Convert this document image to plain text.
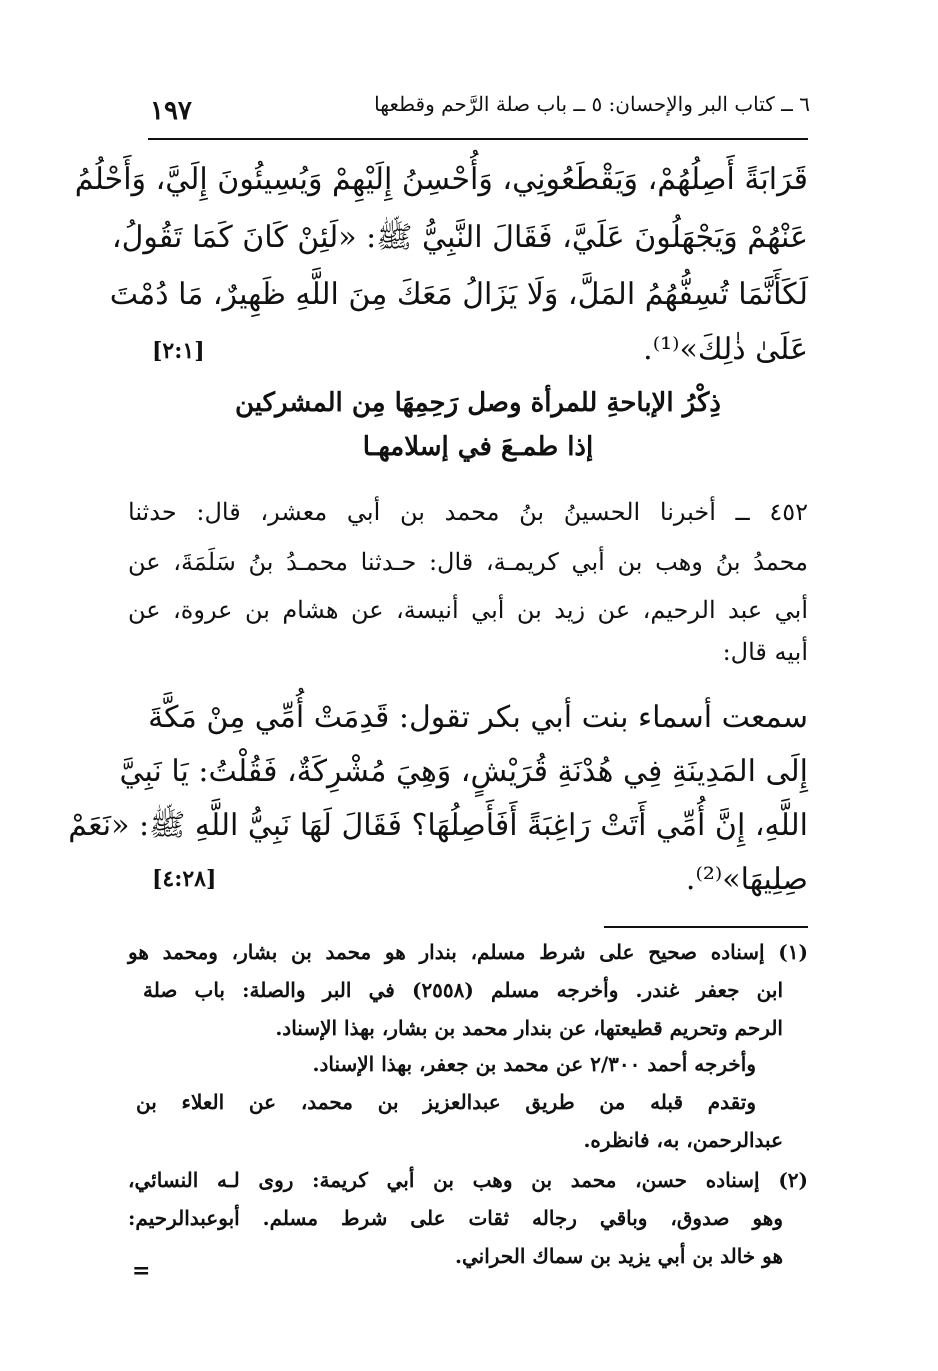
٦ ــ كتاب البر والإحسان: ٥ ــ باب صلة الرَّحم وقطعها
١٩٧
قَرَابَةً أَصِلُهُمْ، وَيَقْطَعُونِي، وَأُحْسِنُ إِلَيْهِمْ وَيُسِيئُونَ إِلَيَّ، وَأَحْلُمُ
عَنْهُمْ وَيَجْهَلُونَ عَلَيَّ، فَقَالَ النَّبِيُّ ﷺ: «لَئِنْ كَانَ كَمَا تَقُولُ،
لَكَأَنَّمَا تُسِفُّهُمُ المَلَّ، وَلَا يَزَالُ مَعَكَ مِنَ اللَّهِ ظَهِيرٌ، مَا دُمْتَ
عَلَىٰ ذٰلِكَ»⁽¹⁾.
[٢:١]
ذِكْرُ الإباحةِ للمرأة وصل رَحِمِهَا مِن المشركين
إذا طمـعَ في إسلامهـا
٤٥٢ ــ أخبرنا الحسينُ بنُ محمد بن أبي معشر، قال: حدثنا
محمدُ بنُ وهب بن أبي كريمـة، قال: حـدثنا محمـدُ بنُ سَلَمَةَ، عن
أبي عبد الرحيم، عن زيد بن أبي أنيسة، عن هشام بن عروة، عن
أبيه قال:
سمعت أسماء بنت أبي بكر تقول: قَدِمَتْ أُمِّي مِنْ مَكَّةَ
إِلَى المَدِينَةِ فِي هُدْنَةِ قُرَيْشٍ، وَهِيَ مُشْرِكَةٌ، فَقُلْتُ: يَا نَبِيَّ
اللَّهِ، إِنَّ أُمِّي أَتَتْ رَاغِبَةً أَفَأَصِلُهَا؟ فَقَالَ لَهَا نَبِيُّ اللَّهِ ﷺ: «نَعَمْ
صِلِيهَا»⁽²⁾.
[٤:٢٨]
(١) إسناده صحيح على شرط مسلم، بندار هو محمد بن بشار، ومحمد هو
ابن جعفر غندر. وأخرجه مسلم (٢٥٥٨) في البر والصلة: باب صلة
الرحم وتحريم قطيعتها، عن بندار محمد بن بشار، بهذا الإسناد.
وأخرجه أحمد ٢/٣٠٠ عن محمد بن جعفر، بهذا الإسناد.
وتقدم قبله من طريق عبدالعزيز بن محمد، عن العلاء بن
عبدالرحمن، به، فانظره.
(٢) إسناده حسن، محمد بن وهب بن أبي كريمة: روى لـه النسائي،
وهو صدوق، وباقي رجاله ثقات على شرط مسلم. أبوعبدالرحيم:
هو خالد بن أبي يزيد بن سماك الحراني.
=
